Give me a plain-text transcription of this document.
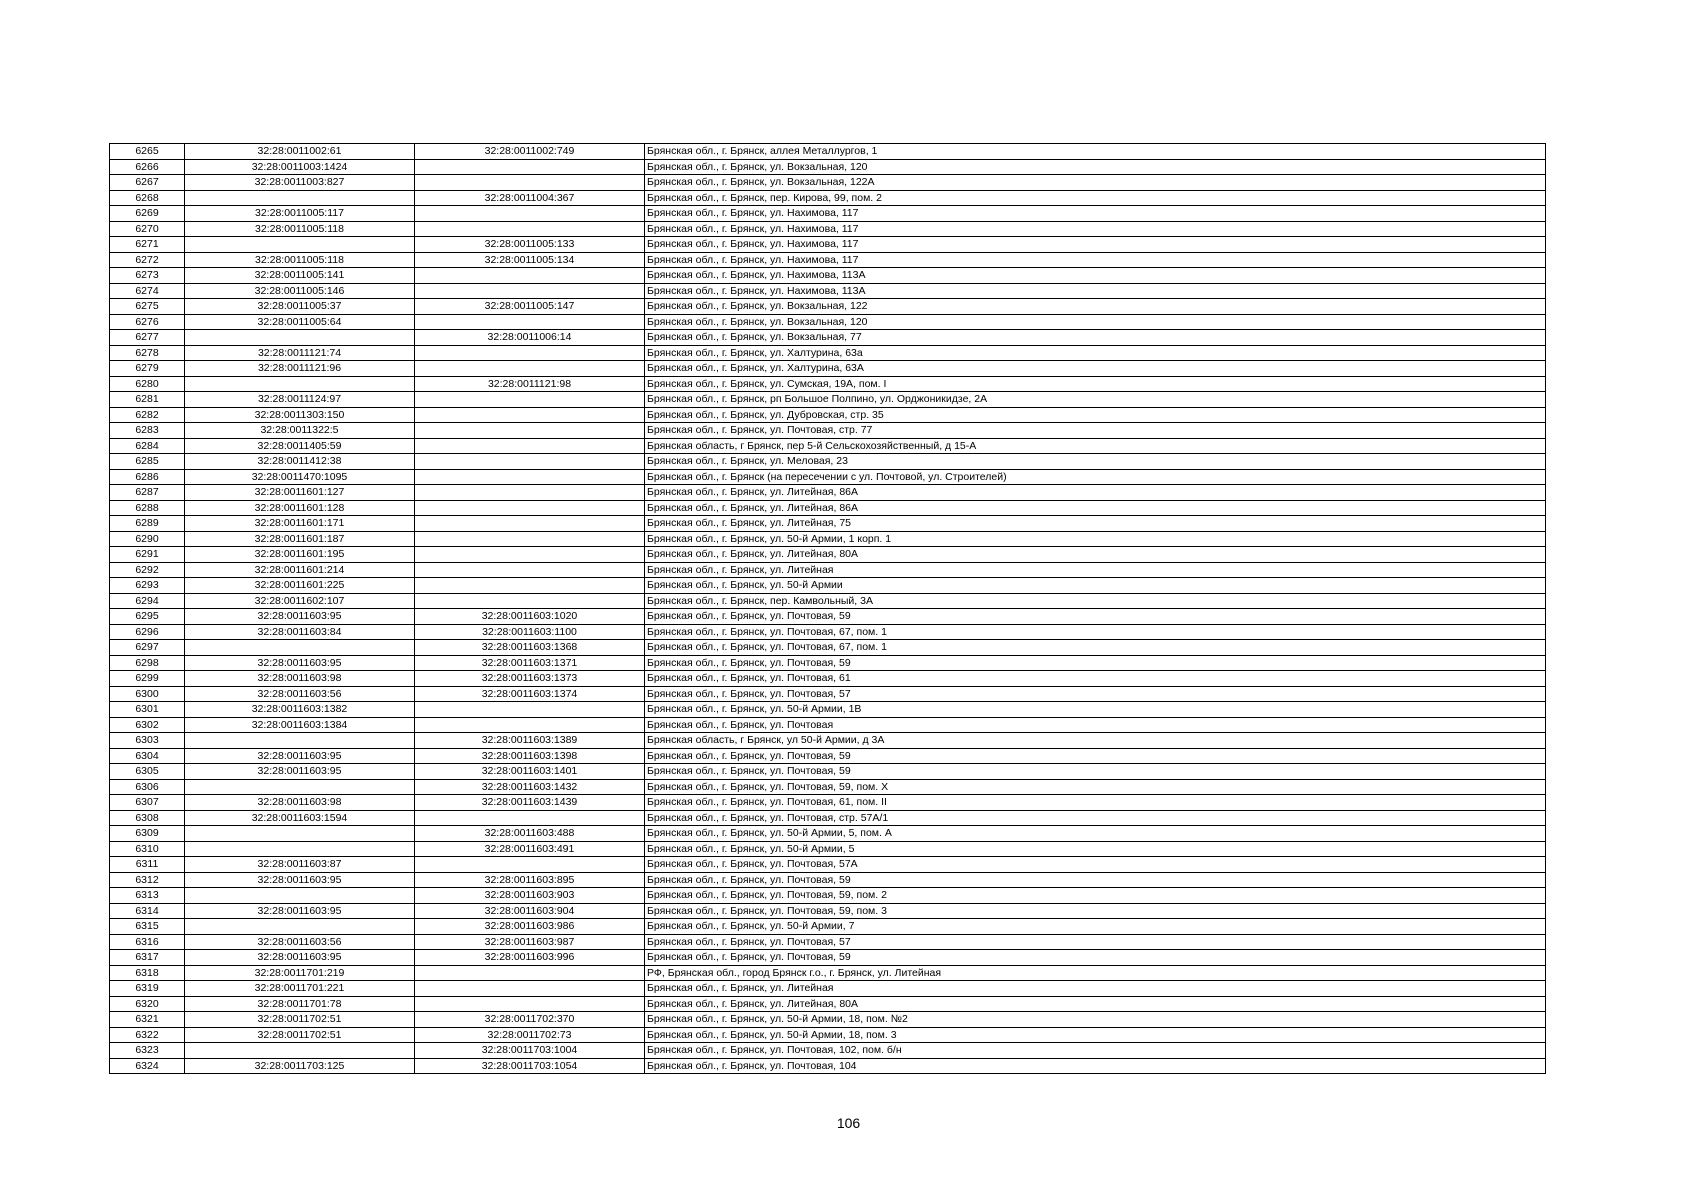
6265	32:28:0011002:61	32:28:0011002:749	Брянская обл., г. Брянск, аллея Металлургов, 1
6266	32:28:0011003:1424		Брянская обл., г. Брянск, ул. Вокзальная, 120
6267	32:28:0011003:827		Брянская обл., г. Брянск, ул. Вокзальная, 122А
6268		32:28:0011004:367	Брянская обл., г. Брянск, пер. Кирова, 99, пом. 2
6269	32:28:0011005:117		Брянская обл., г. Брянск, ул. Нахимова, 117
6270	32:28:0011005:118		Брянская обл., г. Брянск, ул. Нахимова, 117
6271		32:28:0011005:133	Брянская обл., г. Брянск, ул. Нахимова, 117
6272	32:28:0011005:118	32:28:0011005:134	Брянская обл., г. Брянск, ул. Нахимова, 117
6273	32:28:0011005:141		Брянская обл., г. Брянск, ул. Нахимова, 113А
6274	32:28:0011005:146		Брянская обл., г. Брянск, ул. Нахимова, 113А
6275	32:28:0011005:37	32:28:0011005:147	Брянская обл., г. Брянск, ул. Вокзальная, 122
6276	32:28:0011005:64		Брянская обл., г. Брянск, ул. Вокзальная, 120
6277		32:28:0011006:14	Брянская обл., г. Брянск, ул. Вокзальная, 77
6278	32:28:0011121:74		Брянская обл., г. Брянск, ул. Халтурина, 63а
6279	32:28:0011121:96		Брянская обл., г. Брянск, ул. Халтурина, 63А
6280		32:28:0011121:98	Брянская обл., г. Брянск, ул. Сумская, 19А, пом. I
6281	32:28:0011124:97		Брянская обл., г. Брянск, рп Большое Полпино, ул. Орджоникидзе, 2А
6282	32:28:0011303:150		Брянская обл., г. Брянск, ул. Дубровская, стр. 35
6283	32:28:0011322:5		Брянская обл., г. Брянск, ул. Почтовая, стр. 77
6284	32:28:0011405:59		Брянская область, г Брянск, пер 5-й Сельскохозяйственный, д 15-А
6285	32:28:0011412:38		Брянская обл., г. Брянск, ул. Меловая, 23
6286	32:28:0011470:1095		Брянская обл., г. Брянск (на пересечении с ул. Почтовой, ул. Строителей)
6287	32:28:0011601:127		Брянская обл., г. Брянск, ул. Литейная, 86А
6288	32:28:0011601:128		Брянская обл., г. Брянск, ул. Литейная, 86А
6289	32:28:0011601:171		Брянская обл., г. Брянск, ул. Литейная, 75
6290	32:28:0011601:187		Брянская обл., г. Брянск, ул. 50-й Армии, 1 корп. 1
6291	32:28:0011601:195		Брянская обл., г. Брянск, ул. Литейная, 80А
6292	32:28:0011601:214		Брянская обл., г. Брянск, ул. Литейная
6293	32:28:0011601:225		Брянская обл., г. Брянск, ул. 50-й Армии
6294	32:28:0011602:107		Брянская обл., г. Брянск, пер. Камвольный, 3А
6295	32:28:0011603:95	32:28:0011603:1020	Брянская обл., г. Брянск, ул. Почтовая, 59
6296	32:28:0011603:84	32:28:0011603:1100	Брянская обл., г. Брянск, ул. Почтовая, 67, пом. 1
6297		32:28:0011603:1368	Брянская обл., г. Брянск, ул. Почтовая, 67, пом. 1
6298	32:28:0011603:95	32:28:0011603:1371	Брянская обл., г. Брянск, ул. Почтовая, 59
6299	32:28:0011603:98	32:28:0011603:1373	Брянская обл., г. Брянск, ул. Почтовая, 61
6300	32:28:0011603:56	32:28:0011603:1374	Брянская обл., г. Брянск, ул. Почтовая, 57
6301	32:28:0011603:1382		Брянская обл., г. Брянск, ул. 50-й Армии, 1В
6302	32:28:0011603:1384		Брянская обл., г. Брянск, ул. Почтовая
6303		32:28:0011603:1389	Брянская область, г Брянск, ул 50-й Армии, д 3А
6304	32:28:0011603:95	32:28:0011603:1398	Брянская обл., г. Брянск, ул. Почтовая, 59
6305	32:28:0011603:95	32:28:0011603:1401	Брянская обл., г. Брянск, ул. Почтовая, 59
6306		32:28:0011603:1432	Брянская обл., г. Брянск, ул. Почтовая, 59, пом. Х
6307	32:28:0011603:98	32:28:0011603:1439	Брянская обл., г. Брянск, ул. Почтовая, 61, пом. II
6308	32:28:0011603:1594		Брянская обл., г. Брянск, ул. Почтовая, стр. 57А/1
6309		32:28:0011603:488	Брянская обл., г. Брянск, ул. 50-й Армии, 5, пом. А
6310		32:28:0011603:491	Брянская обл., г. Брянск, ул. 50-й Армии, 5
6311	32:28:0011603:87		Брянская обл., г. Брянск, ул. Почтовая, 57А
6312	32:28:0011603:95	32:28:0011603:895	Брянская обл., г. Брянск, ул. Почтовая, 59
6313		32:28:0011603:903	Брянская обл., г. Брянск, ул. Почтовая, 59, пом. 2
6314	32:28:0011603:95	32:28:0011603:904	Брянская обл., г. Брянск, ул. Почтовая, 59, пом. 3
6315		32:28:0011603:986	Брянская обл., г. Брянск, ул. 50-й Армии, 7
6316	32:28:0011603:56	32:28:0011603:987	Брянская обл., г. Брянск, ул. Почтовая, 57
6317	32:28:0011603:95	32:28:0011603:996	Брянская обл., г. Брянск, ул. Почтовая, 59
6318	32:28:0011701:219		РФ, Брянская обл., город Брянск г.о., г. Брянск, ул. Литейная
6319	32:28:0011701:221		Брянская обл., г. Брянск, ул. Литейная
6320	32:28:0011701:78		Брянская обл., г. Брянск, ул. Литейная, 80А
6321	32:28:0011702:51	32:28:0011702:370	Брянская обл., г. Брянск, ул. 50-й Армии, 18, пом. №2
6322	32:28:0011702:51	32:28:0011702:73	Брянская обл., г. Брянск, ул. 50-й Армии, 18, пом. 3
6323		32:28:0011703:1004	Брянская обл., г. Брянск, ул. Почтовая, 102, пом. б/н
6324	32:28:0011703:125	32:28:0011703:1054	Брянская обл., г. Брянск, ул. Почтовая, 104
106
